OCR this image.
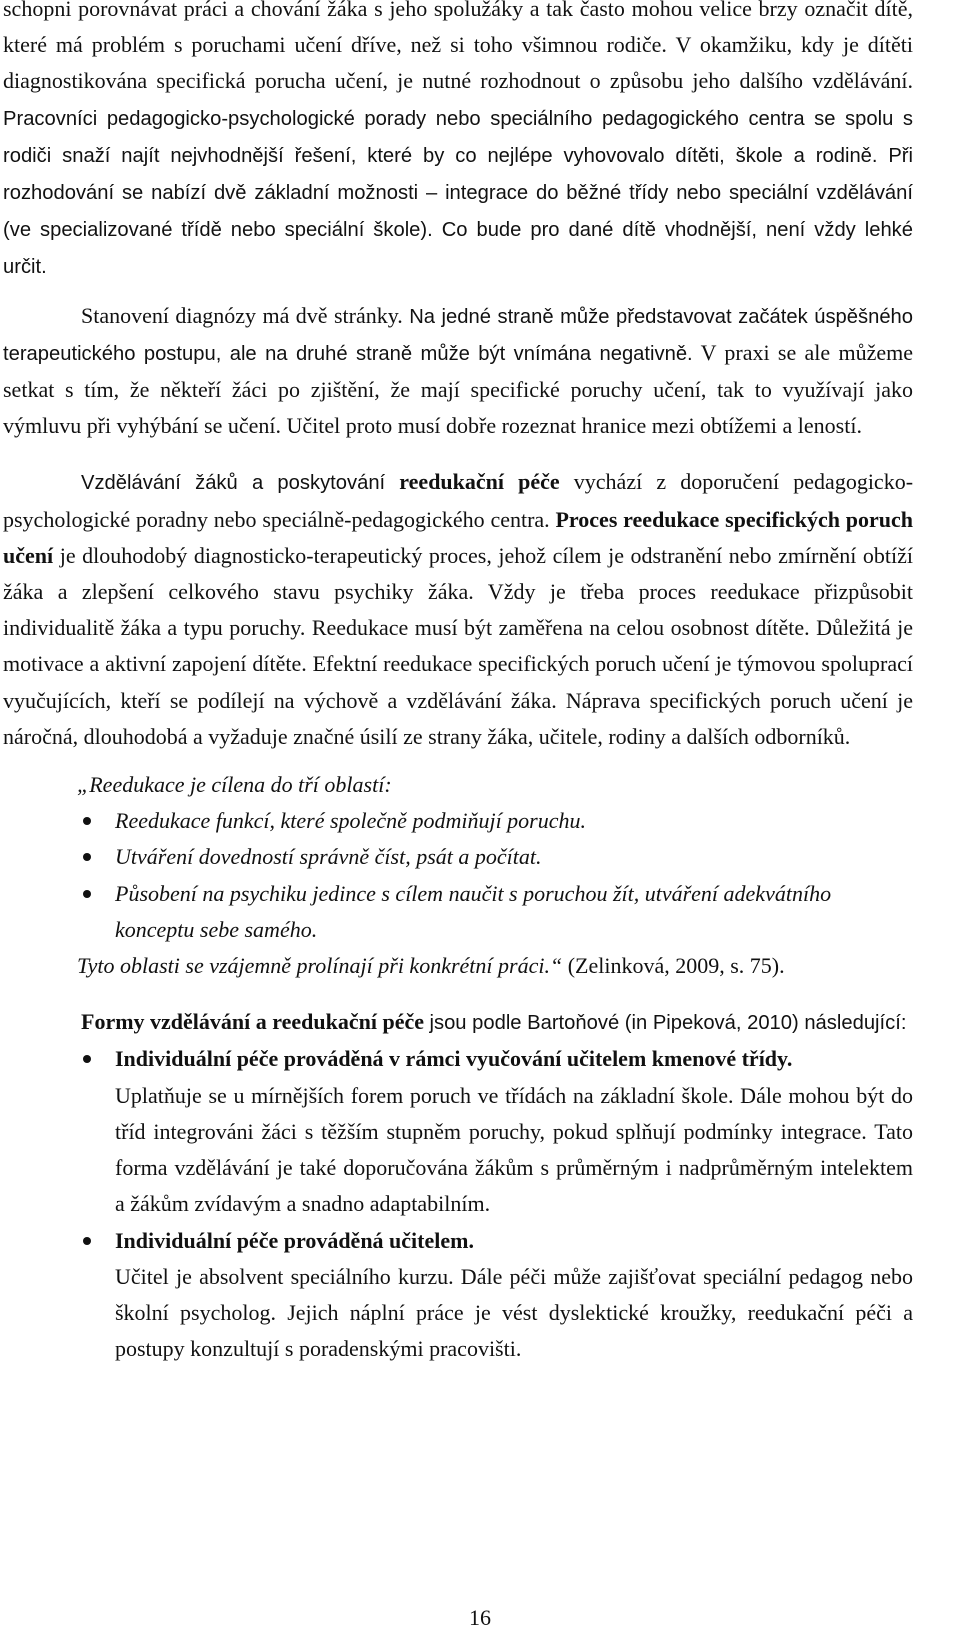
schopni porovnávat práci a chování žáka s jeho spolužáky a tak často mohou velice brzy označit dítě, které má problém s poruchami učení dříve, než si toho všimnou rodiče. V okamžiku, kdy je dítěti diagnostikována specifická porucha učení, je nutné rozhodnout o způsobu jeho dalšího vzdělávání. Pracovníci pedagogicko-psychologické porady nebo speciálního pedagogického centra se spolu s rodiči snaží najít nejvhodnější řešení, které by co nejlépe vyhovovalo dítěti, škole a rodině. Při rozhodování se nabízí dvě základní možnosti – integrace do běžné třídy nebo speciální vzdělávání (ve specializované třídě nebo speciální škole). Co bude pro dané dítě vhodnější, není vždy lehké určit.

Stanovení diagnózy má dvě stránky. Na jedné straně může představovat začátek úspěšného terapeutického postupu, ale na druhé straně může být vnímána negativně. V praxi se ale můžeme setkat s tím, že někteří žáci po zjištění, že mají specifické poruchy učení, tak to využívají jako výmluvu při vyhýbání se učení. Učitel proto musí dobře rozeznat hranice mezi obtížemi a leností.

Vzdělávání žáků a poskytování reedukační péče vychází z doporučení pedagogicko-psychologické poradny nebo speciálně-pedagogického centra. Proces reedukace specifických poruch učení je dlouhodobý diagnosticko-terapeutický proces, jehož cílem je odstranění nebo zmírnění obtíží žáka a zlepšení celkového stavu psychiky žáka. Vždy je třeba proces reedukace přizpůsobit individualitě žáka a typu poruchy. Reedukace musí být zaměřena na celou osobnost dítěte. Důležitá je motivace a aktivní zapojení dítěte. Efektní reedukace specifických poruch učení je týmovou spoluprací vyučujících, kteří se podílejí na výchově a vzdělávání žáka. Náprava specifických poruch učení je náročná, dlouhodobá a vyžaduje značné úsilí ze strany žáka, učitele, rodiny a dalších odborníků.

„Reedukace je cílena do tří oblastí:
Reedukace funkcí, které společně podmiňují poruchu.
Utváření dovedností správně číst, psát a počítat.
Působení na psychiku jedince s cílem naučit s poruchou žít, utváření adekvátního konceptu sebe samého.
Tyto oblasti se vzájemně prolínají při konkrétní práci.“ (Zelinková, 2009, s. 75).

Formy vzdělávání a reedukační péče jsou podle Bartoňové (in Pipeková, 2010) následující:

Individuální péče prováděná v rámci vyučování učitelem kmenové třídy.
Uplatňuje se u mírnějších forem poruch ve třídách na základní škole. Dále mohou být do tříd integrováni žáci s těžším stupněm poruchy, pokud splňují podmínky integrace. Tato forma vzdělávání je také doporučována žákům s průměrným i nadprůměrným intelektem a žákům zvídavým a snadno adaptabilním.
Individuální péče prováděná učitelem.
Učitel je absolvent speciálního kurzu. Dále péči může zajišťovat speciální pedagog nebo školní psycholog. Jejich náplní práce je vést dyslektické kroužky, reedukační péči a postupy konzultují s poradenskými pracovišti.
16
